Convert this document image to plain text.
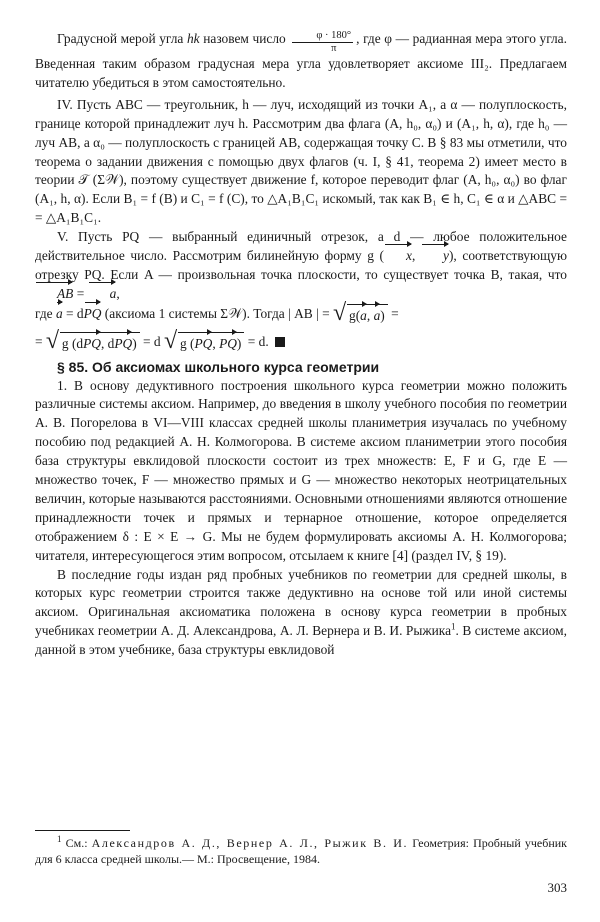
Градусной мерой угла hk назовем число $\frac{\varphi \cdot 180^\circ}{\pi}$ , где φ — радианная мера этого угла. Введенная таким образом градусная мера угла удовлетворяет аксиоме III₂. Предлагаем читателю убедиться в этом самостоятельно.

IV. Пусть ABC — треугольник, h — луч, исходящий из точки A₁, а α — полуплоскость, границе которой принадлежит луч h. Рассмотрим два флага (A, h₀, α₀) и (A₁, h, α), где h₀ — луч AB, а α₀ — полуплоскость с границей AB, содержащая точку C. В § 83 мы отметили, что теорема о задании движения с помощью двух флагов (ч. I, § 41, теорема 2) имеет место в теории 𝒯 (Σ𝒲), поэтому существует движение f, которое переводит флаг (A, h₀, α₀) во флаг (A₁, h, α). Если B₁ = f (B) и C₁ = f (C), то △A₁B₁C₁ искомый, так как B₁ ∈ h, C₁ ∈ α и △ABC = = △A₁B₁C₁.

V. Пусть PQ — выбранный единичный отрезок, а d — любое положительное действительное число. Рассмотрим билинейную форму g ( x, y), соответствующую отрезку PQ. Если A — произвольная точка плоскости, то существует точка B, такая, что AB = a,

где a = dPQ (аксиома 1 системы Σ𝒲). Тогда | AB | = √ g(a, a) =

= √ g (dPQ, dPQ) = d √ g (PQ, PQ) = d.

§ 85. Об аксиомах школьного курса геометрии

1. В основу дедуктивного построения школьного курса геометрии можно положить различные системы аксиом. Например, до введения в школу учебного пособия по геометрии А. В. Погорелова в VI—VIII классах средней школы планиметрия изучалась по учебному пособию под редакцией А. Н. Колмогорова. В системе аксиом планиметрии этого пособия база структуры евклидовой плоскости состоит из трех множеств: E, F и G, где E — множество точек, F — множество прямых и G — множество некоторых неотрицательных величин, которые называются расстояниями. Основными отношениями являются отношение принадлежности точек и прямых и тернарное отношение, которое определяется отображением δ : E × E → G. Мы не будем формулировать аксиомы А. Н. Колмогорова; читателя, интересующегося этим вопросом, отсылаем к книге [4] (раздел IV, § 19).

В последние годы издан ряд пробных учебников по геометрии для средней школы, в которых курс геометрии строится также дедуктивно на основе той или иной системы аксиом. Оригинальная аксиоматика положена в основу курса геометрии в пробных учебниках геометрии А. Д. Александрова, А. Л. Вернера и В. И. Рыжика$^1$. В системе аксиом, данной в этом учебнике, база структуры евклидовой

$^1$ См.: Александров А. Д., Вернер А. Л., Рыжик В. И. Геометрия: Пробный учебник для 6 класса средней школы.— М.: Просвещение, 1984.
303
